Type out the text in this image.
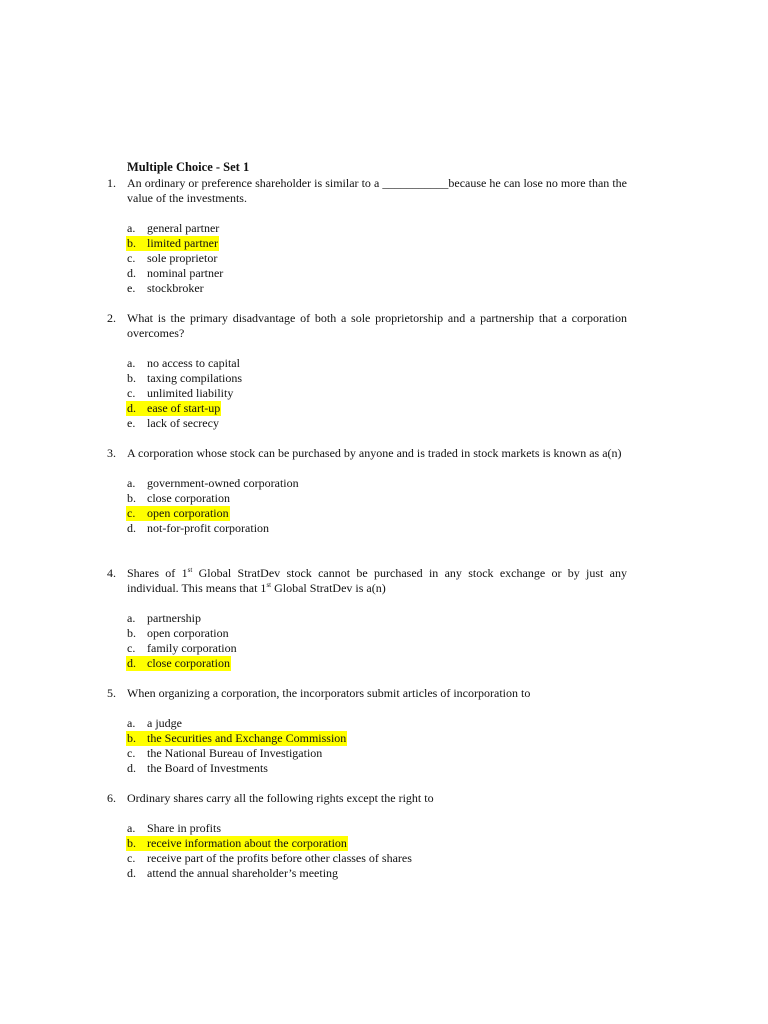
Multiple Choice - Set 1
1. An ordinary or preference shareholder is similar to a ___________because he can lose no more than the value of the investments.
a. general partner
b. limited partner
c. sole proprietor
d. nominal partner
e. stockbroker
2. What is the primary disadvantage of both a sole proprietorship and a partnership that a corporation overcomes?
a. no access to capital
b. taxing compilations
c. unlimited liability
d. ease of start-up
e. lack of secrecy
3. A corporation whose stock can be purchased by anyone and is traded in stock markets is known as a(n)
a. government-owned corporation
b. close corporation
c. open corporation
d. not-for-profit corporation
4. Shares of 1st Global StratDev stock cannot be purchased in any stock exchange or by just any individual. This means that 1st Global StratDev is a(n)
a. partnership
b. open corporation
c. family corporation
d. close corporation
5. When organizing a corporation, the incorporators submit articles of incorporation to
a. a judge
b. the Securities and Exchange Commission
c. the National Bureau of Investigation
d. the Board of Investments
6. Ordinary shares carry all the following rights except the right to
a. Share in profits
b. receive information about the corporation
c. receive part of the profits before other classes of shares
d. attend the annual shareholder’s meeting
